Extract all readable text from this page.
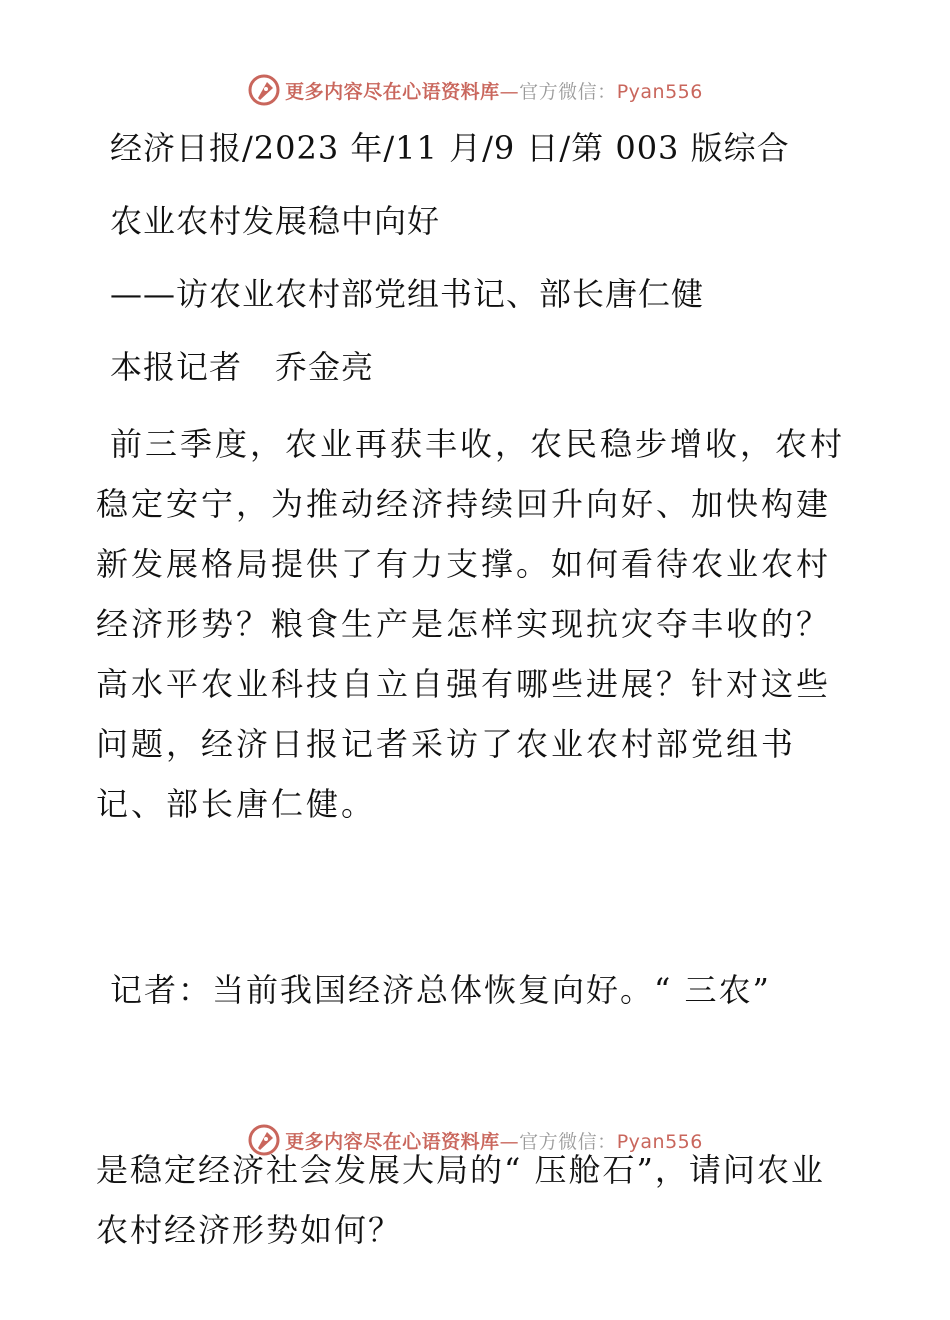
更多内容尽在心语资料库—官方微信：Pyan556
经济日报/2023 年/11 月/9 日/第 003 版综合
农业农村发展稳中向好
——访农业农村部党组书记、部长唐仁健
本报记者　乔金亮
前三季度，农业再获丰收，农民稳步增收，农村稳定安宁，为推动经济持续回升向好、加快构建新发展格局提供了有力支撑。如何看待农业农村经济形势？粮食生产是怎样实现抗灾夺丰收的？高水平农业科技自立自强有哪些进展？针对这些问题，经济日报记者采访了农业农村部党组书记、部长唐仁健。

记者：当前我国经济总体恢复向好。“ 三农”

是稳定经济社会发展大局的“ 压舱石”，请问农业农村经济形势如何？

更多内容尽在心语资料库—官方微信：Pyan556
